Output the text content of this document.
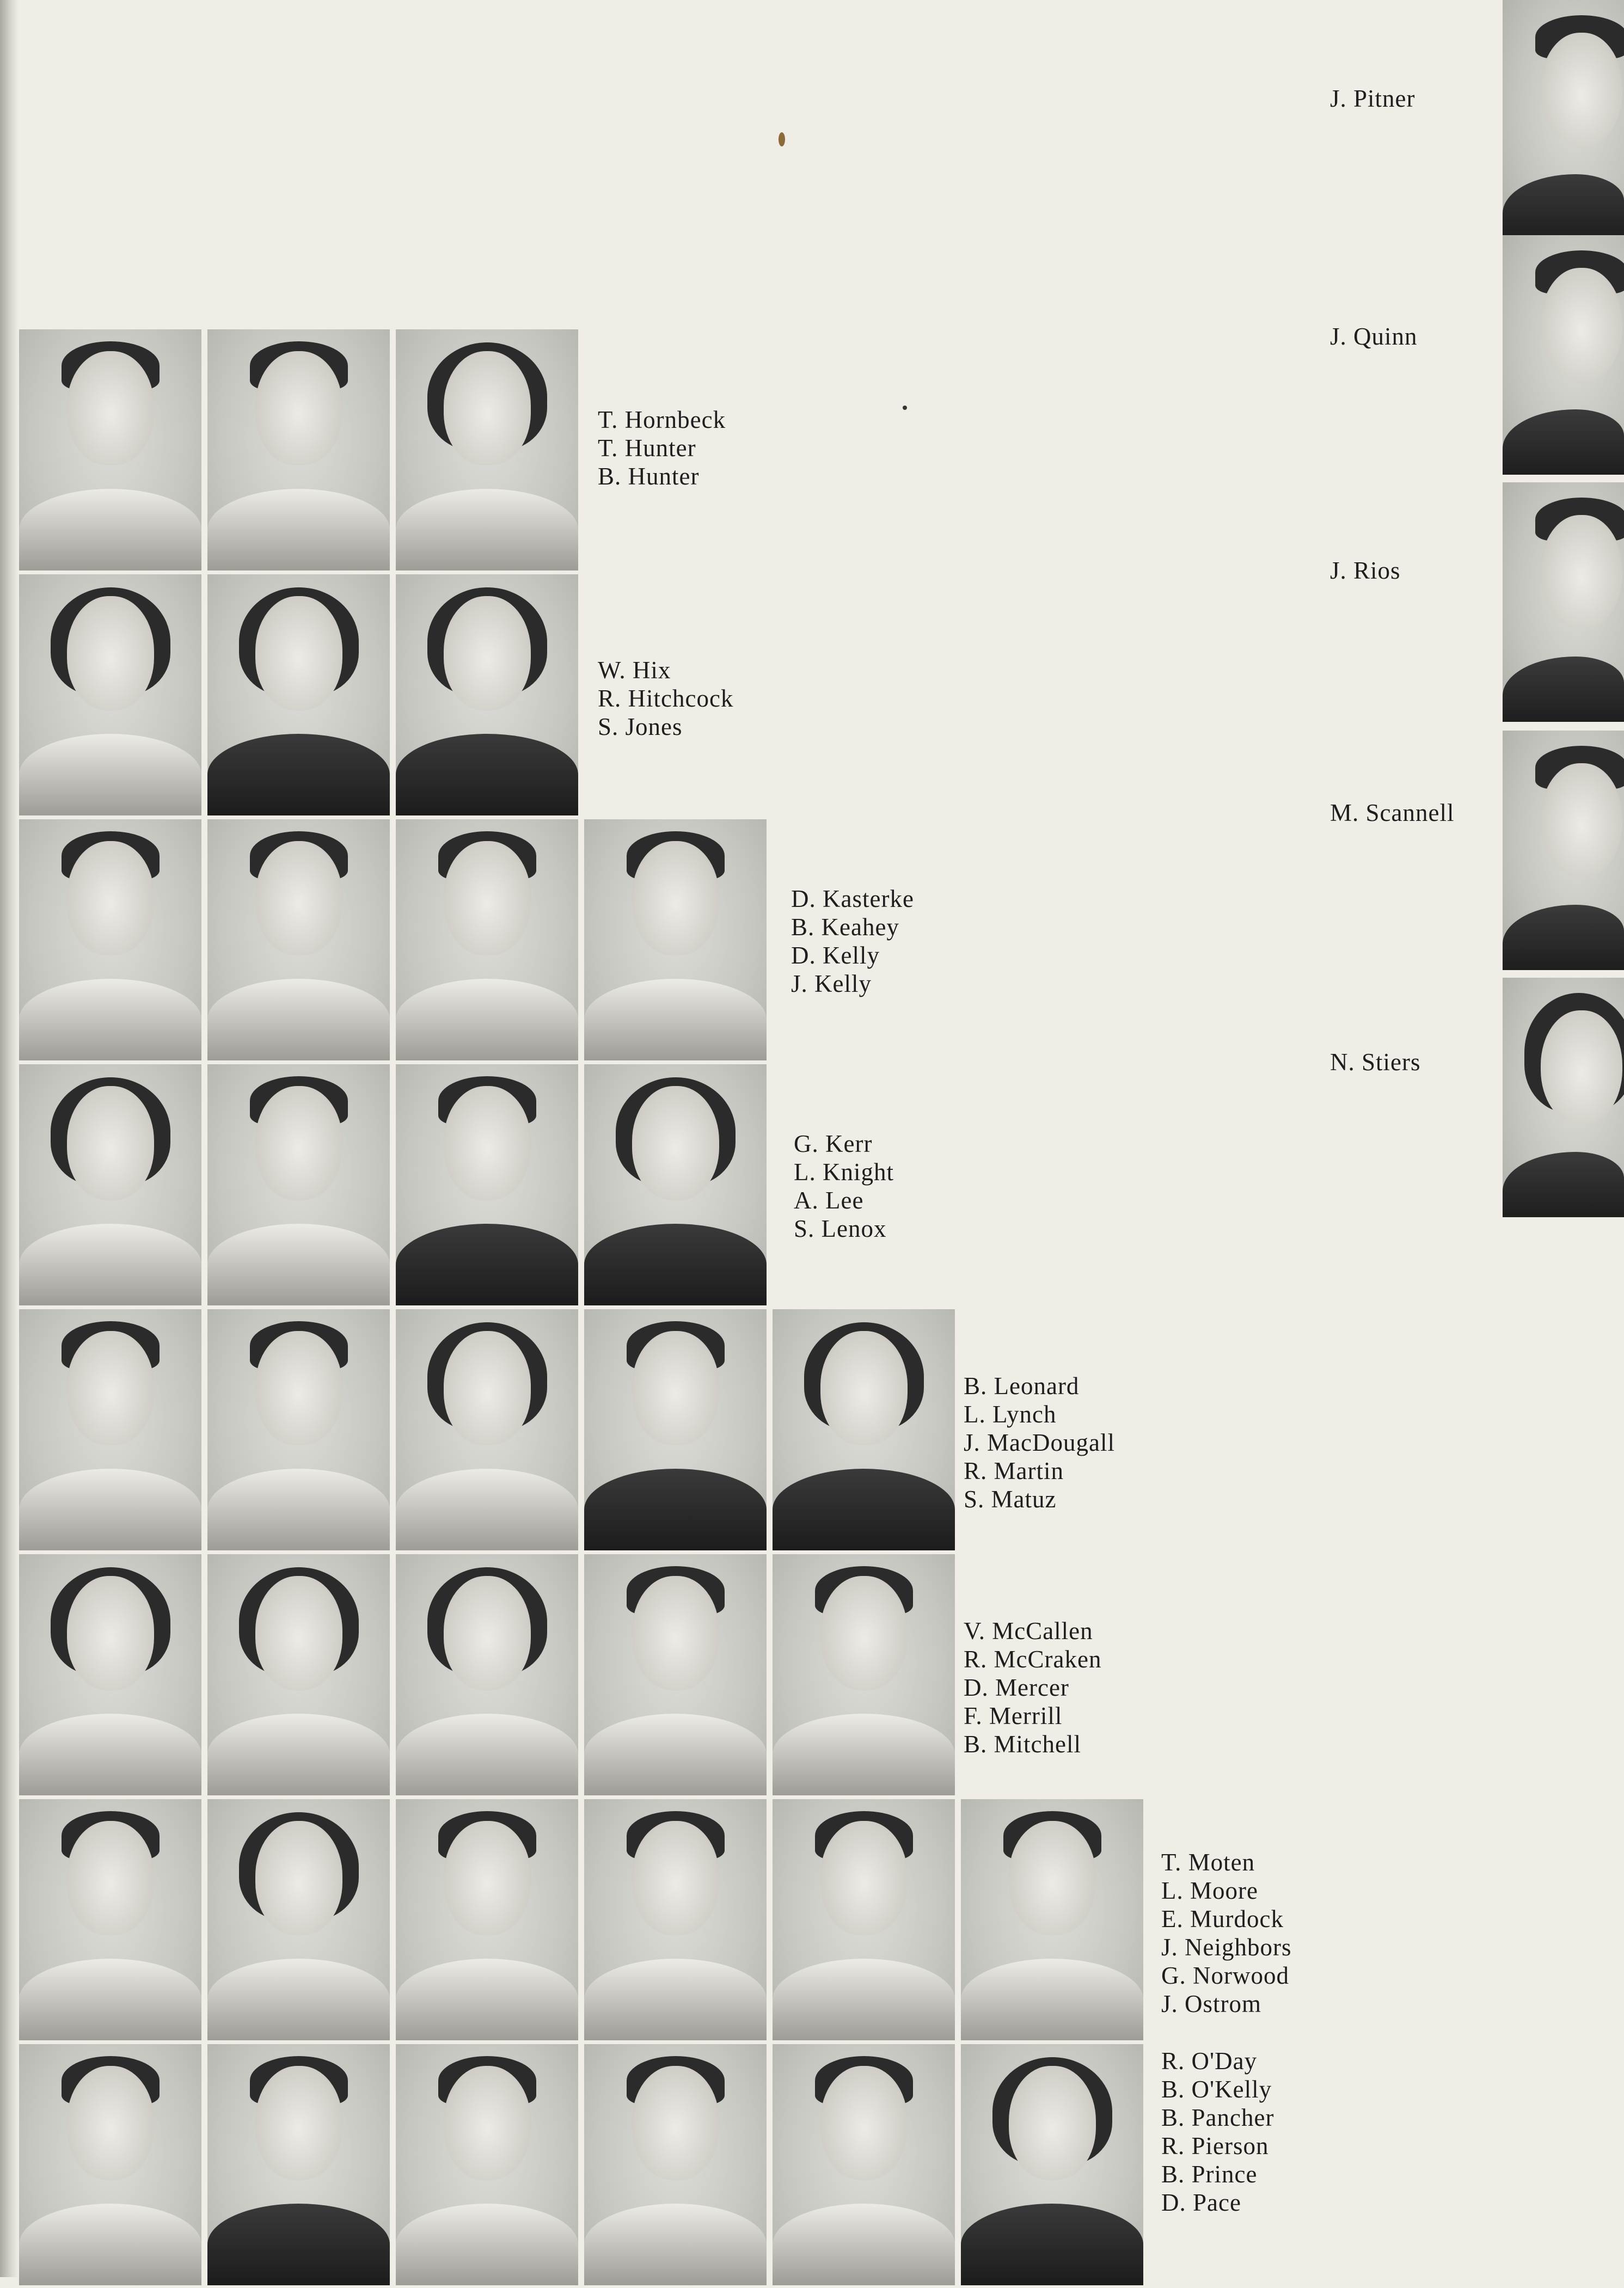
T. Hornbeck
T. Hunter
B. Hunter
W. Hix
R. Hitchcock
S. Jones
D. Kasterke
B. Keahey
D. Kelly
J. Kelly
G. Kerr
L. Knight
A. Lee
S. Lenox
B. Leonard
L. Lynch
J. MacDougall
R. Martin
S. Matuz
V. McCallen
R. McCraken
D. Mercer
F. Merrill
B. Mitchell
T. Moten
L. Moore
E. Murdock
J. Neighbors
G. Norwood
J. Ostrom
R. O'Day
B. O'Kelly
B. Pancher
R. Pierson
B. Prince
D. Pace
J. Pitner
J. Quinn
J. Rios
M. Scannell
N. Stiers
